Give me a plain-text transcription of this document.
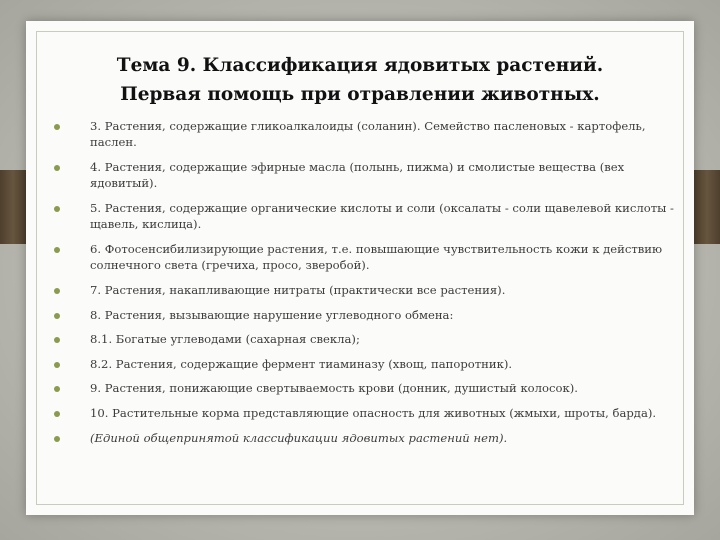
Тема 9. Классификация ядовитых растений.
Первая помощь при отравлении животных.
3. Растения, содержащие гликоалкалоиды (соланин). Семейство пасленовых - картофель, паслен.
4. Растения, содержащие эфирные масла (полынь, пижма) и смолистые вещества (вех ядовитый).
5. Растения, содержащие органические кислоты и соли (оксалаты - соли щавелевой кислоты - щавель, кислица).
6. Фотосенсибилизирующие растения, т.е. повышающие чувствительность кожи к действию солнечного света (гречиха, просо, зверобой).
7. Растения, накапливающие нитраты (практически все растения).
8. Растения, вызывающие нарушение углеводного обмена:
8.1. Богатые углеводами (сахарная свекла);
8.2. Растения, содержащие фермент тиаминазу (хвощ, папоротник).
9. Растения, понижающие свертываемость крови (донник, душистый колосок).
10. Растительные корма представляющие опасность для животных (жмыхи, шроты, барда).
(Единой общепринятой классификации ядовитых растений нет).
